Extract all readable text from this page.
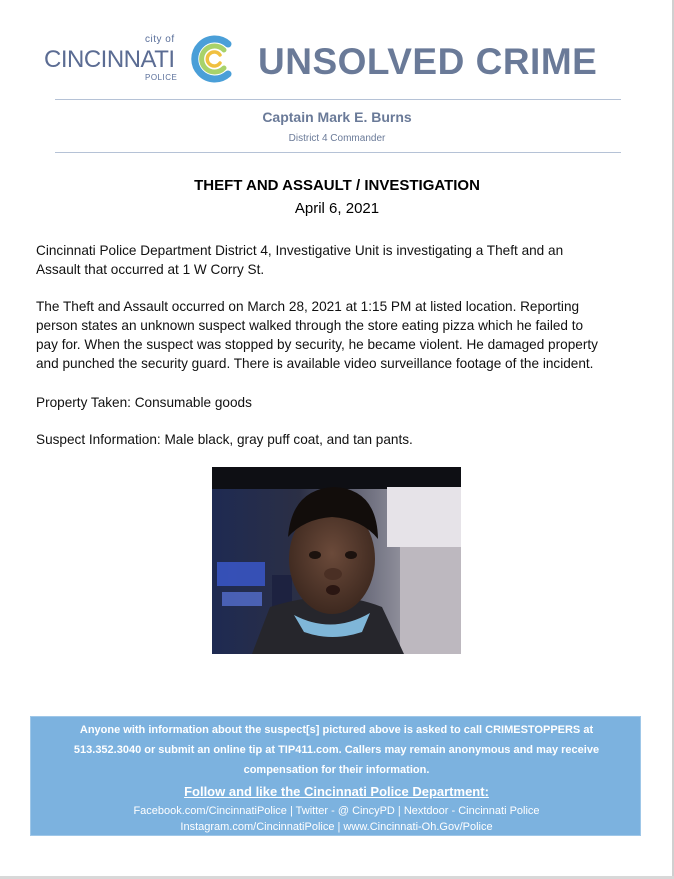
city of
CINCINNATI
POLICE UNSOLVED CRIME
Captain Mark E. Burns
District 4 Commander
THEFT AND ASSAULT / INVESTIGATION
April 6, 2021
Cincinnati Police Department District 4, Investigative Unit is investigating a Theft and an
Assault that occurred at 1 W Corry St.
The Theft and Assault occurred on March 28, 2021 at 1:15 PM at listed location. Reporting
person states an unknown suspect walked through the store eating pizza which he failed to
pay for. When the suspect was stopped by security, he became violent. He damaged property
and punched the security guard. There is available video surveillance footage of the incident.
Property Taken: Consumable goods
Suspect Information: Male black, gray puff coat, and tan pants.
Anyone with information about the suspect[s] pictured above is asked to call CRIMESTOPPERS at
513.352.3040 or submit an online tip at TIP411.com. Callers may remain anonymous and may receive
compensation for their information.
Follow and like the Cincinnati Police Department:
Facebook.com/CincinnatiPolice | Twitter - @ CincyPD | Nextdoor - Cincinnati Police
Instagram.com/CincinnatiPolice | www.Cincinnati-Oh.Gov/Police
